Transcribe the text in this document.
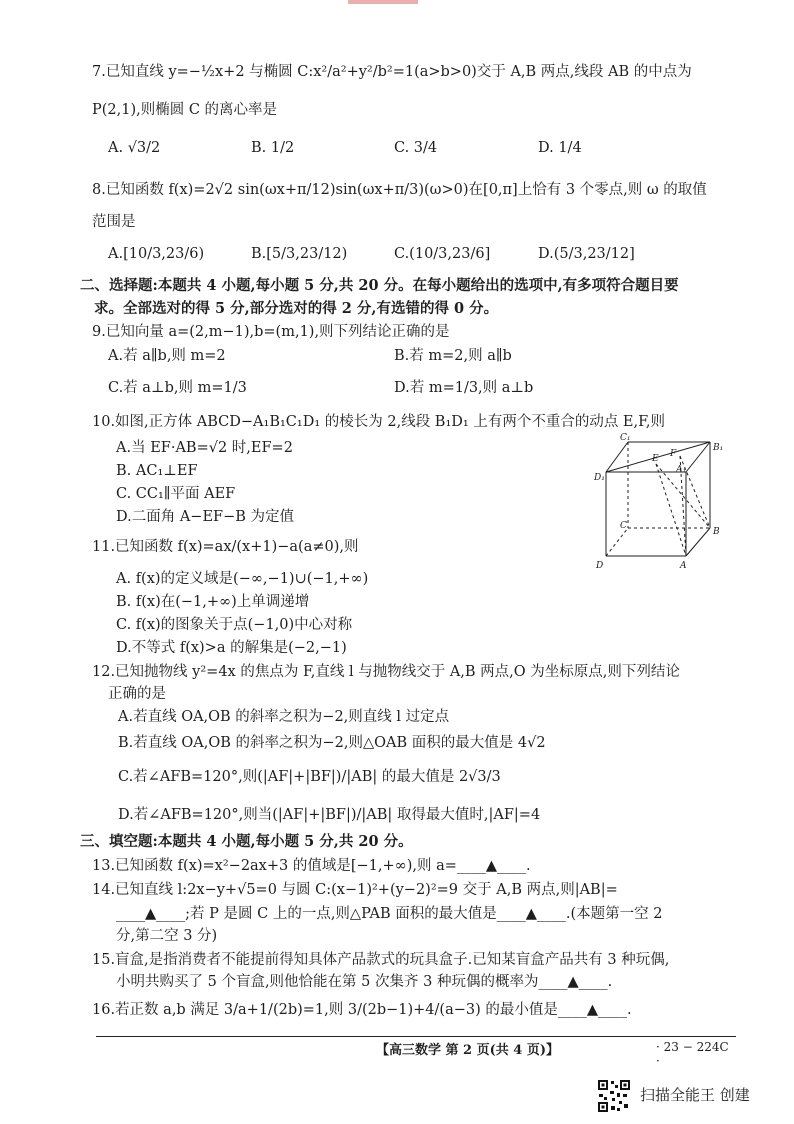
7.已知直线 y=−½x+2 与椭圆 C:x²/a²+y²/b²=1(a>b>0)交于 A,B 两点,线段 AB 的中点为
P(2,1),则椭圆 C 的离心率是
A. √3/2	B. 1/2	C. 3/4	D. 1/4
8.已知函数 f(x)=2√2 sin(ωx+π/12)sin(ωx+π/3)(ω>0)在[0,π]上恰有 3 个零点,则 ω 的取值
范围是
A.[10/3,23/6)	B.[5/3,23/12)	C.(10/3,23/6]	D.(5/3,23/12]
二、选择题:本题共 4 小题,每小题 5 分,共 20 分。在每小题给出的选项中,有多项符合题目要
求。全部选对的得 5 分,部分选对的得 2 分,有选错的得 0 分。
9.已知向量 a=(2,m−1),b=(m,1),则下列结论正确的是
A.若 a∥b,则 m=2	B.若 m=2,则 a∥b
C.若 a⊥b,则 m=1/3	D.若 m=1/3,则 a⊥b
10.如图,正方体 ABCD−A₁B₁C₁D₁ 的棱长为 2,线段 B₁D₁ 上有两个不重合的动点 E,F,则
A.当 EF·AB=√2 时,EF=2
B. AC₁⊥EF
C. CC₁∥平面 AEF
D.二面角 A−EF−B 为定值
C₁
E F
A₁
B₁
D₁
C
B
D	A
11.已知函数 f(x)=ax/(x+1)−a(a≠0),则
A. f(x)的定义域是(−∞,−1)∪(−1,+∞)
B. f(x)在(−1,+∞)上单调递增
C. f(x)的图象关于点(−1,0)中心对称
D.不等式 f(x)>a 的解集是(−2,−1)
12.已知抛物线 y²=4x 的焦点为 F,直线 l 与抛物线交于 A,B 两点,O 为坐标原点,则下列结论
正确的是
A.若直线 OA,OB 的斜率之积为−2,则直线 l 过定点
B.若直线 OA,OB 的斜率之积为−2,则△OAB 面积的最大值是 4√2
C.若∠AFB=120°,则(|AF|+|BF|)/|AB| 的最大值是 2√3/3
D.若∠AFB=120°,则当(|AF|+|BF|)/|AB| 取得最大值时,|AF|=4
三、填空题:本题共 4 小题,每小题 5 分,共 20 分。
13.已知函数 f(x)=x²−2ax+3 的值域是[−1,+∞),则 a=____▲____.
14.已知直线 l:2x−y+√5=0 与圆 C:(x−1)²+(y−2)²=9 交于 A,B 两点,则|AB|=
____▲____;若 P 是圆 C 上的一点,则△PAB 面积的最大值是____▲____.(本题第一空 2
分,第二空 3 分)
15.盲盒,是指消费者不能提前得知具体产品款式的玩具盒子.已知某盲盒产品共有 3 种玩偶,
小明共购买了 5 个盲盒,则他恰能在第 5 次集齐 3 种玩偶的概率为____▲____.
16.若正数 a,b 满足 3/a+1/(2b)=1,则 3/(2b−1)+4/(a−3) 的最小值是____▲____.
【高三数学 第 2 页(共 4 页)】	· 23 − 224C ·
扫描全能王 创建
